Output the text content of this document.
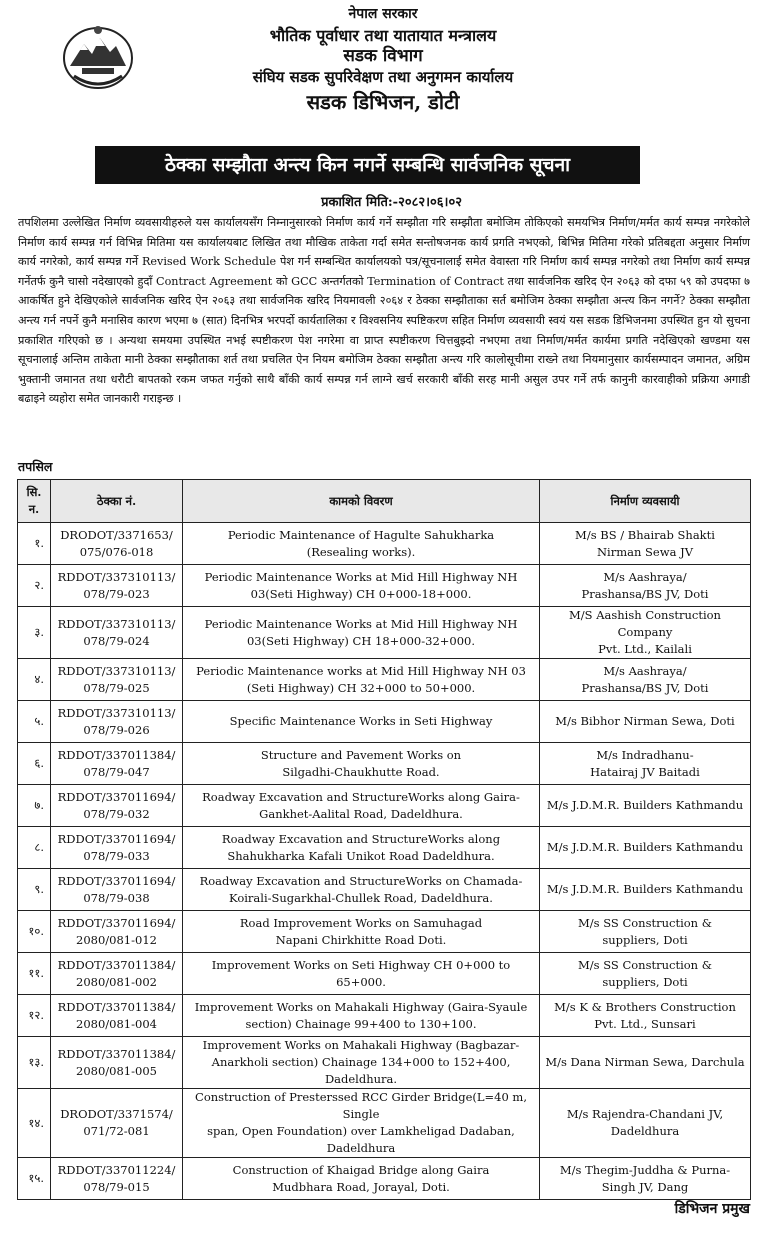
नेपाल सरकार
भौतिक पूर्वाधार तथा यातायात मन्त्रालय
सडक विभाग
संघिय सडक सुपरिवेक्षण तथा अनुगमन कार्यालय
सडक डिभिजन, डोटी
ठेक्का सम्झौता अन्त्य किन नगर्ने सम्बन्धि सार्वजनिक सूचना
प्रकाशित मिति:-२०८२।०६।०२
तपशिलमा उल्लेखित निर्माण व्यवसायीहरुले यस कार्यालयसँग निम्नानुसारको निर्माण कार्य गर्ने सम्झौता गरि सम्झौता बमोजिम तोकिएको समयभित्र निर्माण/मर्मत कार्य सम्पन्न नगरेकोले निर्माण कार्य सम्पन्न गर्न विभिन्न मितिमा यस कार्यालयबाट लिखित तथा मौखिक ताकेता गर्दा समेत सन्तोषजनक कार्य प्रगति नभएको, बिभिन्न मितिमा गरेको प्रतिबद्दता अनुसार निर्माण कार्य नगरेको, कार्य सम्पन्न गर्ने Revised Work Schedule पेश गर्न सम्बन्धित कार्यालयको पत्र/सूचनालाई समेत वेवास्ता गरि निर्माण कार्य सम्पन्न नगरेको तथा निर्माण कार्य सम्पन्न गर्नेतर्फ कुनै चासो नदेखाएको हुदाँ Contract Agreement को GCC अन्तर्गतको Termination of Contract तथा सार्वजनिक खरिद ऐन २०६३ को दफा ५९ को उपदफा ७ आकर्षित हुने देखिएकोले सार्वजनिक खरिद ऐन २०६३ तथा सार्वजनिक खरिद नियमावली २०६४ र ठेक्का सम्झौताका सर्त बमोजिम ठेक्का सम्झौता अन्त्य किन नगर्ने? ठेक्का सम्झौता अन्त्य गर्न नपर्ने कुनै मनासिव कारण भएमा ७ (सात) दिनभित्र भरपर्दो कार्यतालिका र विश्वसनिय स्पष्टिकरण सहित निर्माण व्यवसायी स्वयं यस सडक डिभिजनमा उपस्थित हुन यो सुचना प्रकाशित गरिएको छ । अन्यथा समयमा उपस्थित नभई स्पष्टीकरण पेश नगरेमा वा प्राप्त स्पष्टीकरण चित्तबुझ्दो नभएमा तथा निर्माण/मर्मत कार्यमा प्रगति नदेखिएको खण्डमा यस सूचनालाई अन्तिम ताकेता मानी ठेक्का सम्झौताका शर्त तथा प्रचलित ऐन नियम बमोजिम ठेक्का सम्झौता अन्त्य गरि कालोसूचीमा राख्ने तथा नियमानुसार कार्यसम्पादन जमानत, अग्रिम भुक्तानी जमानत तथा धरौटी बापतको रकम जफत गर्नुको साथै बाँकी कार्य सम्पन्न गर्न लाग्ने खर्च सरकारी बाँकी सरह मानी असुल उपर गर्ने तर्फ कानुनी कारवाहीको प्रक्रिया अगाडी बढाइने व्यहोरा समेत जानकारी गराइन्छ ।
तपसिल
सि. न.	ठेक्का नं.	कामको विवरण	निर्माण व्यवसायी
१.	DRODOT/3371653/
075/076-018	Periodic Maintenance of Hagulte Sahukharka
(Resealing works).	M/s BS / Bhairab Shakti
Nirman Sewa JV
२.	RDDOT/337310113/
078/79-023	Periodic Maintenance Works at Mid Hill Highway NH
03(Seti Highway) CH 0+000-18+000.	M/s Aashraya/
Prashansa/BS JV, Doti
३.	RDDOT/337310113/
078/79-024	Periodic Maintenance Works at Mid Hill Highway NH
03(Seti Highway) CH 18+000-32+000.	M/S Aashish Construction Company
Pvt. Ltd., Kailali
४.	RDDOT/337310113/
078/79-025	Periodic Maintenance works at Mid Hill Highway NH 03
(Seti Highway) CH 32+000 to 50+000.	M/s Aashraya/
Prashansa/BS JV, Doti
५.	RDDOT/337310113/
078/79-026	Specific Maintenance Works in Seti Highway	M/s Bibhor Nirman Sewa, Doti
६.	RDDOT/337011384/
078/79-047	Structure and Pavement Works on
Silgadhi-Chaukhutte Road.	M/s Indradhanu-
Hatairaj JV Baitadi
७.	RDDOT/337011694/
078/79-032	Roadway Excavation and StructureWorks along Gaira-
Gankhet-Aalital Road, Dadeldhura.	M/s J.D.M.R. Builders Kathmandu
८.	RDDOT/337011694/
078/79-033	Roadway Excavation and StructureWorks along
Shahukharka Kafali Unikot Road Dadeldhura.	M/s J.D.M.R. Builders Kathmandu
९.	RDDOT/337011694/
078/79-038	Roadway Excavation and StructureWorks on Chamada-
Koirali-Sugarkhal-Chullek Road, Dadeldhura.	M/s J.D.M.R. Builders Kathmandu
१०.	RDDOT/337011694/
2080/081-012	Road Improvement Works on Samuhagad
Napani Chirkhitte Road Doti.	M/s SS Construction &
suppliers, Doti
११.	RDDOT/337011384/
2080/081-002	Improvement Works on Seti Highway CH 0+000 to 65+000.	M/s SS Construction &
suppliers, Doti
१२.	RDDOT/337011384/
2080/081-004	Improvement Works on Mahakali Highway (Gaira-Syaule
section) Chainage 99+400 to 130+100.	M/s K & Brothers Construction
Pvt. Ltd., Sunsari
१३.	RDDOT/337011384/
2080/081-005	Improvement Works on Mahakali Highway (Bagbazar-
Anarkholi section) Chainage 134+000 to 152+400, Dadeldhura.	M/s Dana Nirman Sewa, Darchula
१४.	DRODOT/3371574/
071/72-081	Construction of Presterssed RCC Girder Bridge(L=40 m, Single
span, Open Foundation) over Lamkheligad Dadaban, Dadeldhura	M/s Rajendra-Chandani JV,
Dadeldhura
१५.	RDDOT/337011224/
078/79-015	Construction of Khaigad Bridge along Gaira
Mudbhara Road, Jorayal, Doti.	M/s Thegim-Juddha & Purna-
Singh JV, Dang
डिभिजन प्रमुख
